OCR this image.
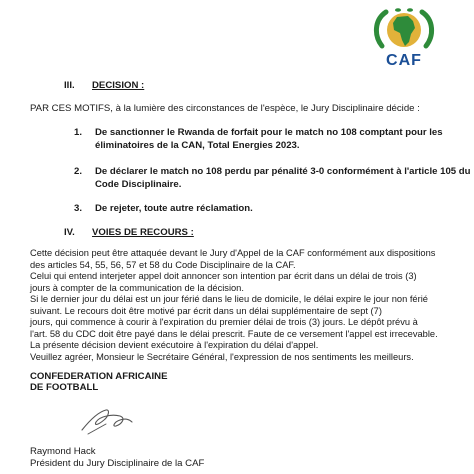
CAF
III. DECISION :
PAR CES MOTIFS, à la lumière des circonstances de l'espèce, le Jury Disciplinaire décide :
1. De sanctionner le Rwanda de forfait pour le match no 108 comptant pour les
éliminatoires de la CAN, Total Energies 2023.
2. De déclarer le match no 108 perdu par pénalité 3-0 conformément à l'article 105 du
Code Disciplinaire.
3. De rejeter, toute autre réclamation.
IV. VOIES DE RECOURS :
Cette décision peut être attaquée devant le Jury d'Appel de la CAF conformément aux dispositions
des articles 54, 55, 56, 57 et 58 du Code Disciplinaire de la CAF.
Celui qui entend interjeter appel doit annoncer son intention par écrit dans un délai de trois (3)
jours à compter de la communication de la décision.
Si le dernier jour du délai est un jour férié dans le lieu de domicile, le délai expire le jour non férié
suivant. Le recours doit être motivé par écrit dans un délai supplémentaire de sept (7)
jours, qui commence à courir à l'expiration du premier délai de trois (3) jours. Le dépôt prévu à
l'art. 58 du CDC doit être payé dans le délai prescrit. Faute de ce versement l'appel est irrecevable.
La présente décision devient exécutoire à l'expiration du délai d'appel.
Veuillez agréer, Monsieur le Secrétaire Général, l'expression de nos sentiments les meilleurs.
CONFEDERATION AFRICAINE
DE FOOTBALL
Raymond Hack
Président du Jury Disciplinaire de la CAF
